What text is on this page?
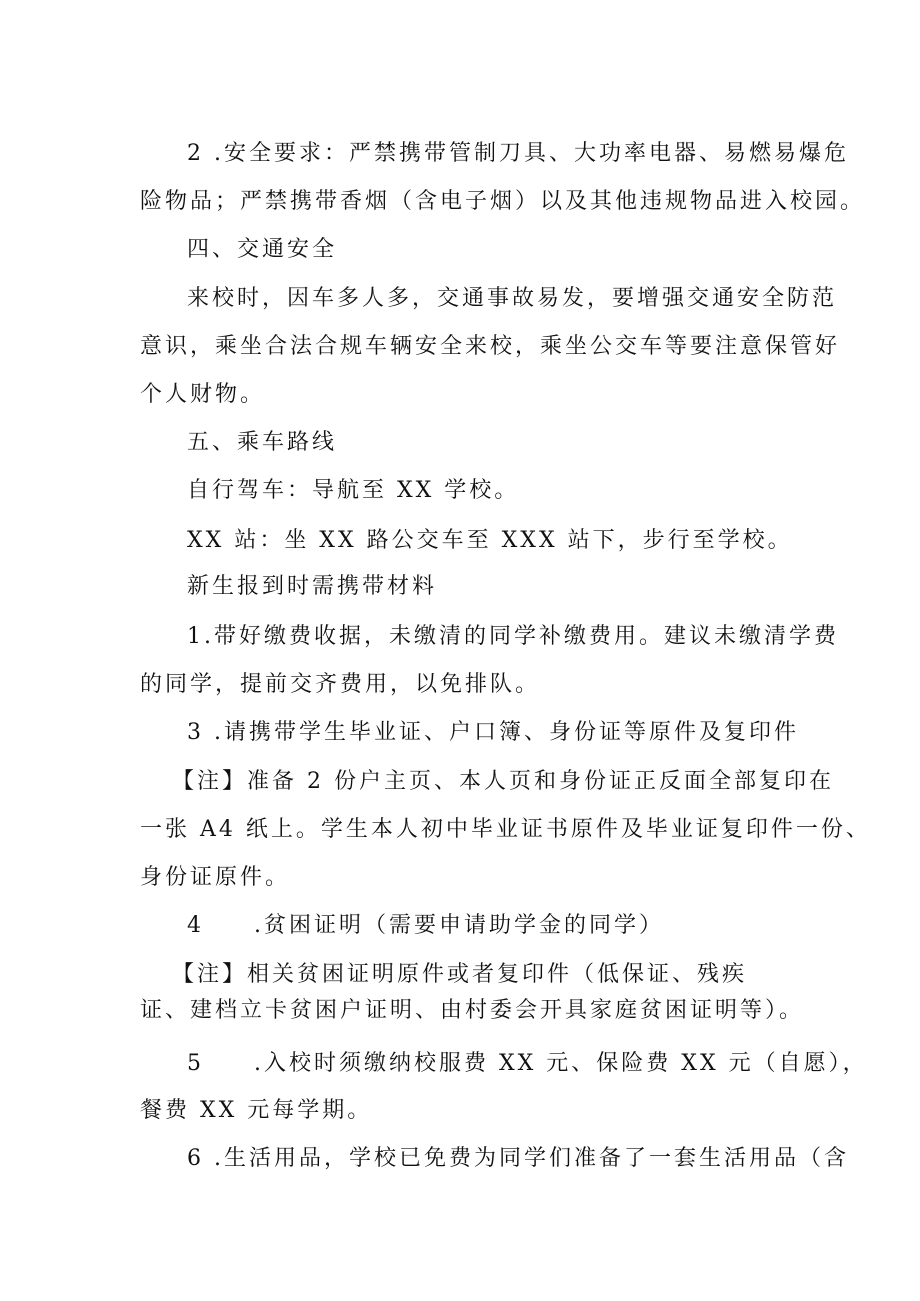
2 .安全要求：严禁携带管制刀具、大功率电器、易燃易爆危
险物品；严禁携带香烟（含电子烟）以及其他违规物品进入校园。
四、交通安全
来校时，因车多人多，交通事故易发，要增强交通安全防范
意识，乘坐合法合规车辆安全来校，乘坐公交车等要注意保管好
个人财物。
五、乘车路线
自行驾车：导航至 XX 学校。
XX 站：坐 XX 路公交车至 XXX 站下，步行至学校。
新生报到时需携带材料
1.带好缴费收据，未缴清的同学补缴费用。建议未缴清学费
的同学，提前交齐费用，以免排队。
3 .请携带学生毕业证、户口簿、身份证等原件及复印件
【注】准备 2 份户主页、本人页和身份证正反面全部复印在
一张 A4 纸上。学生本人初中毕业证书原件及毕业证复印件一份、
身份证原件。
4　　.贫困证明（需要申请助学金的同学）
【注】相关贫困证明原件或者复印件（低保证、残疾
证、建档立卡贫困户证明、由村委会开具家庭贫困证明等）。
5　　.入校时须缴纳校服费 XX 元、保险费 XX 元（自愿），
餐费 XX 元每学期。
6 .生活用品，学校已免费为同学们准备了一套生活用品（含
